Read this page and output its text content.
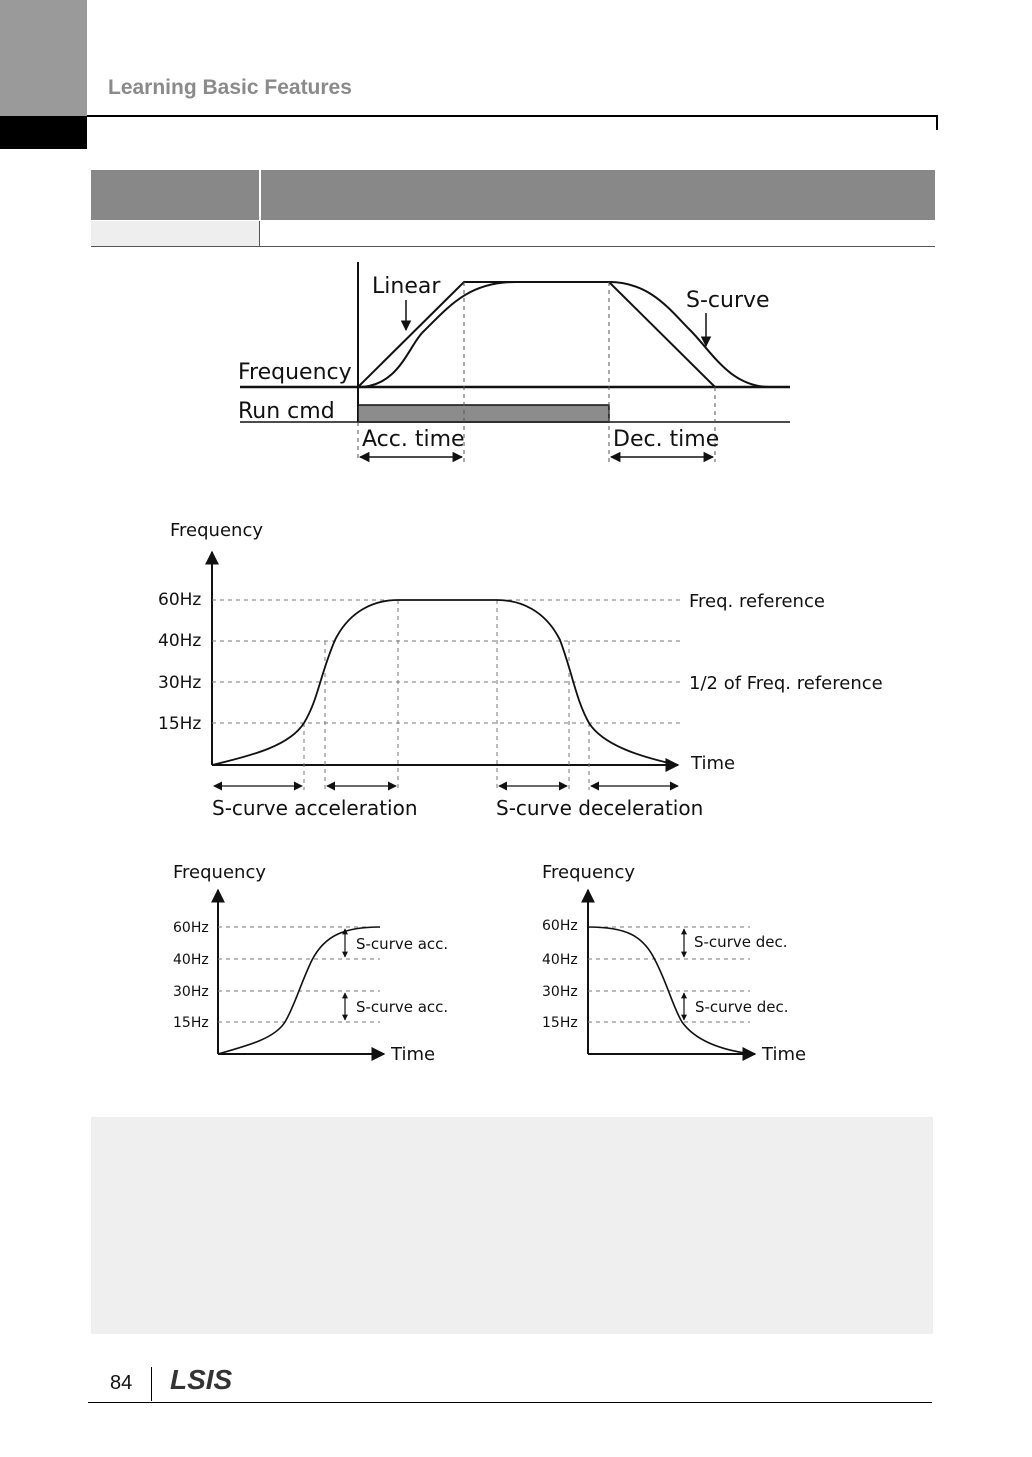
Learning Basic Features
Linear
S-curve
Frequency
Run cmd
Acc. time	Dec. time
Frequency
60Hz
40Hz
30Hz
15Hz
Freq. reference
1/2 of Freq. reference
Time
S-curve acceleration	S-curve deceleration
Frequency
60Hz
40Hz
30Hz
15Hz
S-curve acc.
S-curve acc.
Time
Frequency
60Hz
40Hz
30Hz
15Hz
S-curve dec.
S-curve dec.
Time
84 LSIS
